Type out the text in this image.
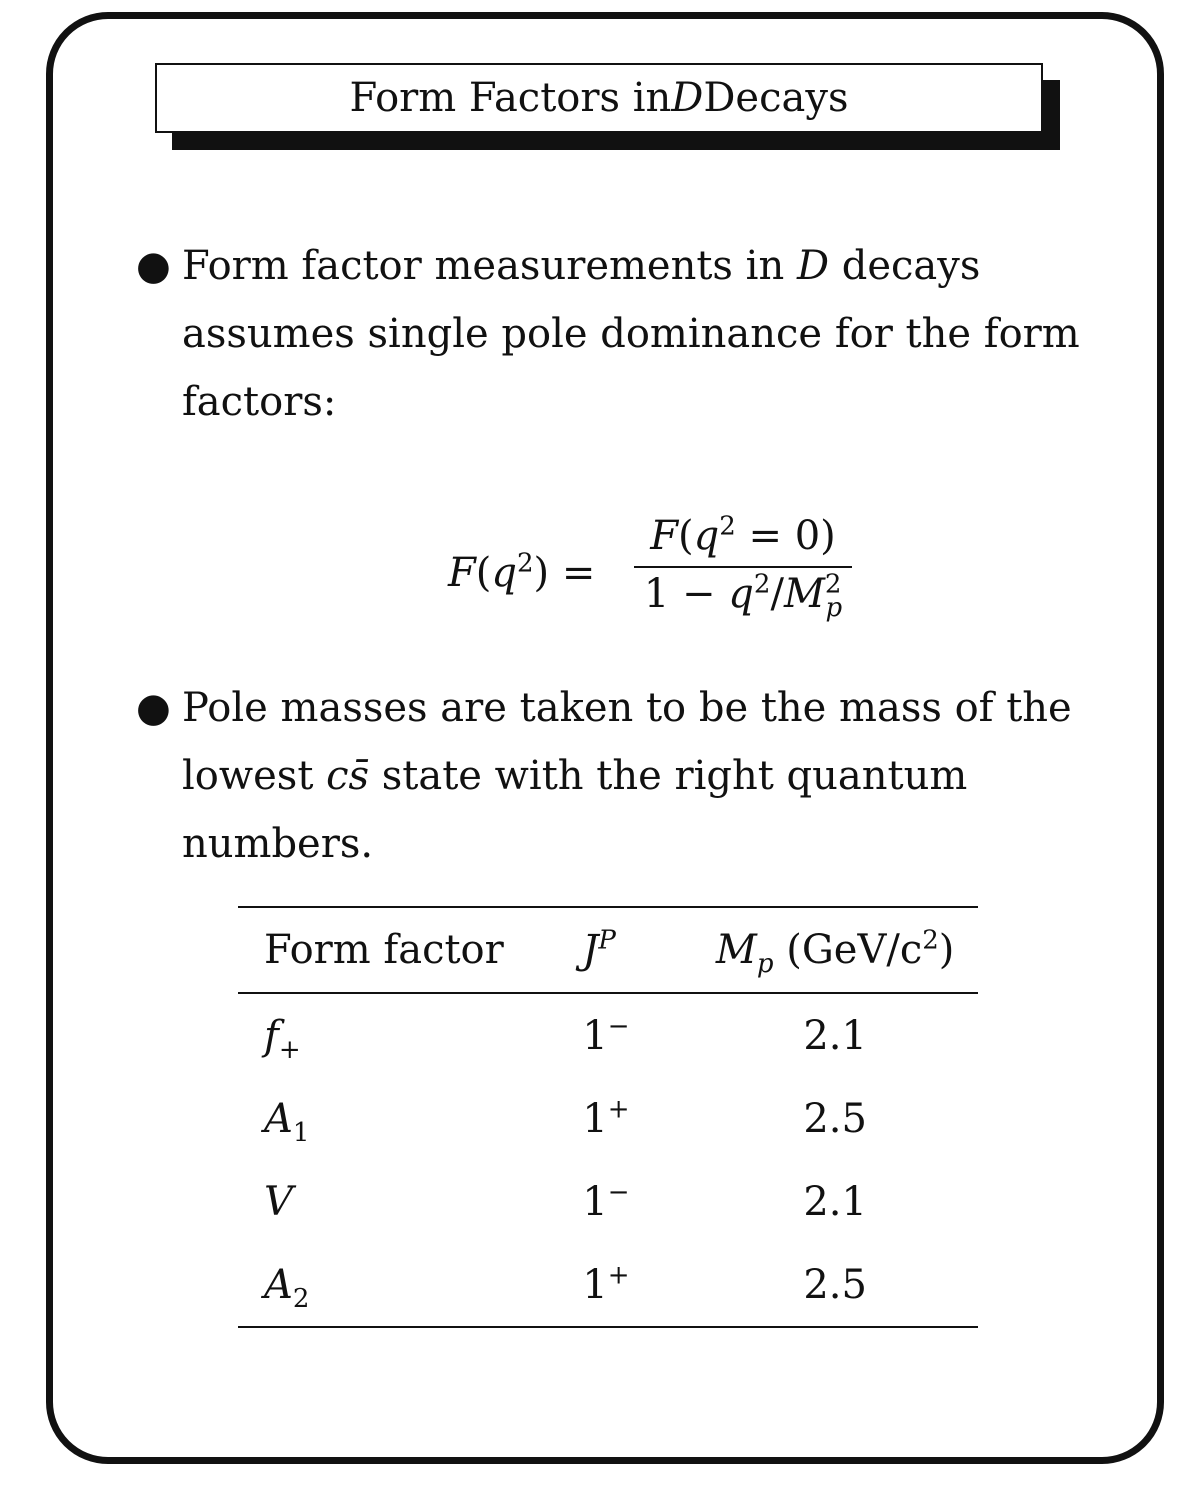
Form Factors in D Decays
● Form factor measurements in D decays
assumes single pole dominance for the form
factors:
$F(q^2)$ =
$F(q^2 = 0)$
$1 - q^2/M^2_p$
● Pole masses are taken to be the mass of the
lowest cs̄ state with the right quantum
numbers.
Form factor	$J^P$	$M_p$ $(GeV/c^2)$
$f_+$	1−	2.1
$A_1$	1+	2.5
V	1−	2.1
$A_2$	1+	2.5
